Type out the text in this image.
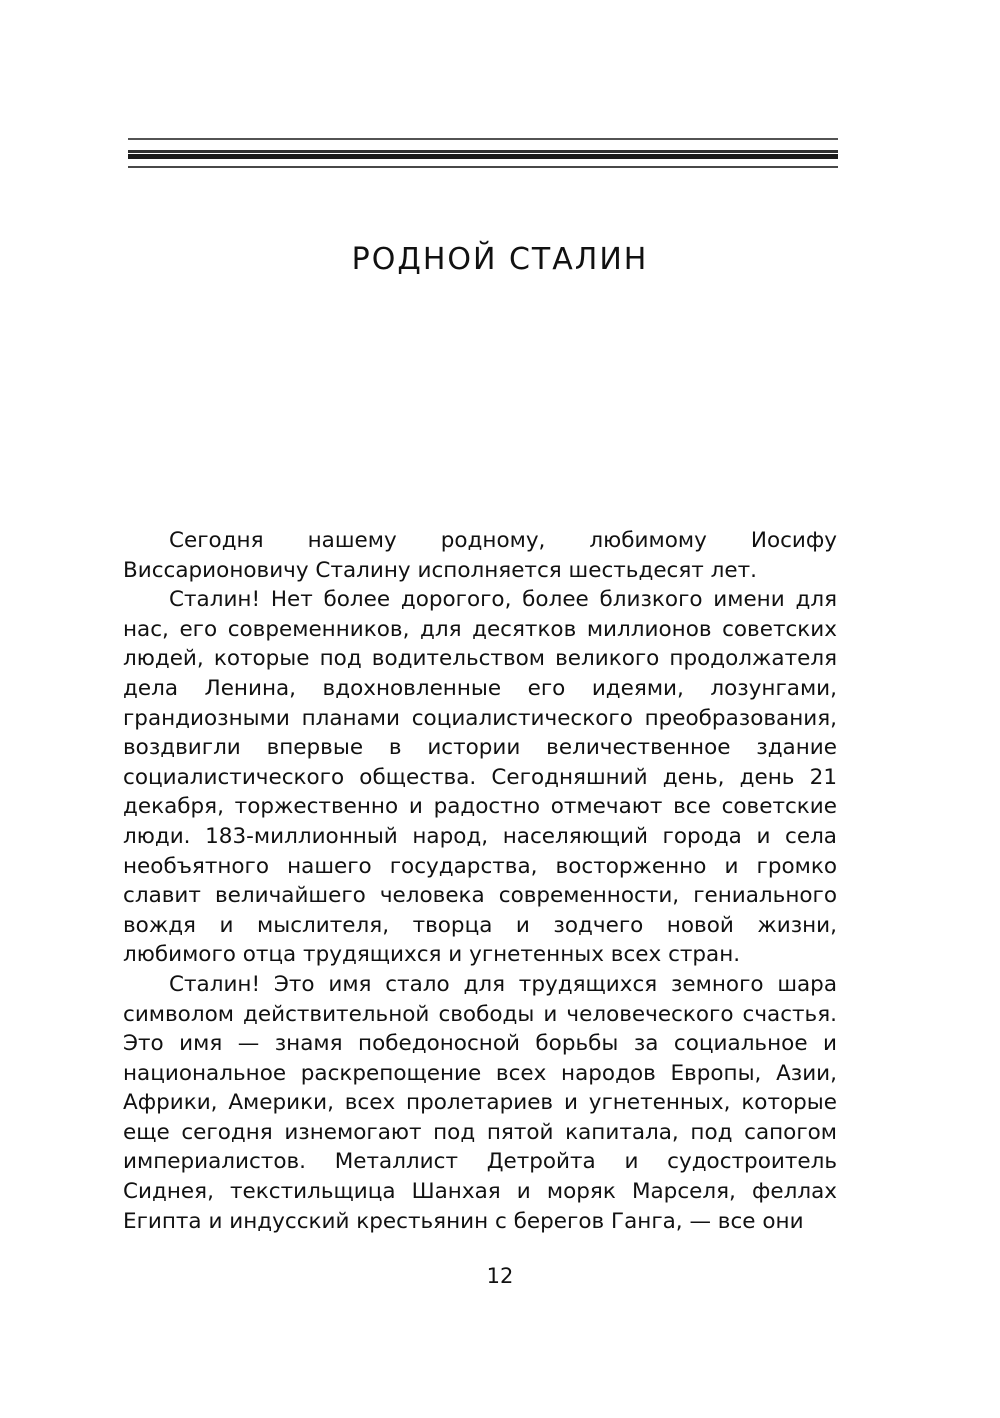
РОДНОЙ СТАЛИН

Сегодня нашему родному, любимому Иосифу Виссарионовичу Сталину исполняется шестьдесят лет.

Сталин! Нет более дорогого, более близкого имени для нас, его современников, для десятков миллионов советских людей, которые под водительством великого продолжателя дела Ленина, вдохновленные его идеями, лозунгами, грандиозными планами социалистического преобразования, воздвигли впервые в истории величественное здание социалистического общества. Сегодняшний день, день 21 декабря, торжественно и радостно отмечают все советские люди. 183-миллионный народ, населяющий города и села необъятного нашего государства, восторженно и громко славит величайшего человека современности, гениального вождя и мыслителя, творца и зодчего новой жизни, любимого отца трудящихся и угнетенных всех стран.

Сталин! Это имя стало для трудящихся земного шара символом действительной свободы и человеческого счастья. Это имя — знамя победоносной борьбы за социальное и национальное раскрепощение всех народов Европы, Азии, Африки, Америки, всех пролетариев и угнетенных, которые еще сегодня изнемогают под пятой капитала, под сапогом империалистов. Металлист Детройта и судостроитель Сиднея, текстильщица Шанхая и моряк Марселя, феллах Египта и индусский крестьянин с берегов Ганга, — все они

12
